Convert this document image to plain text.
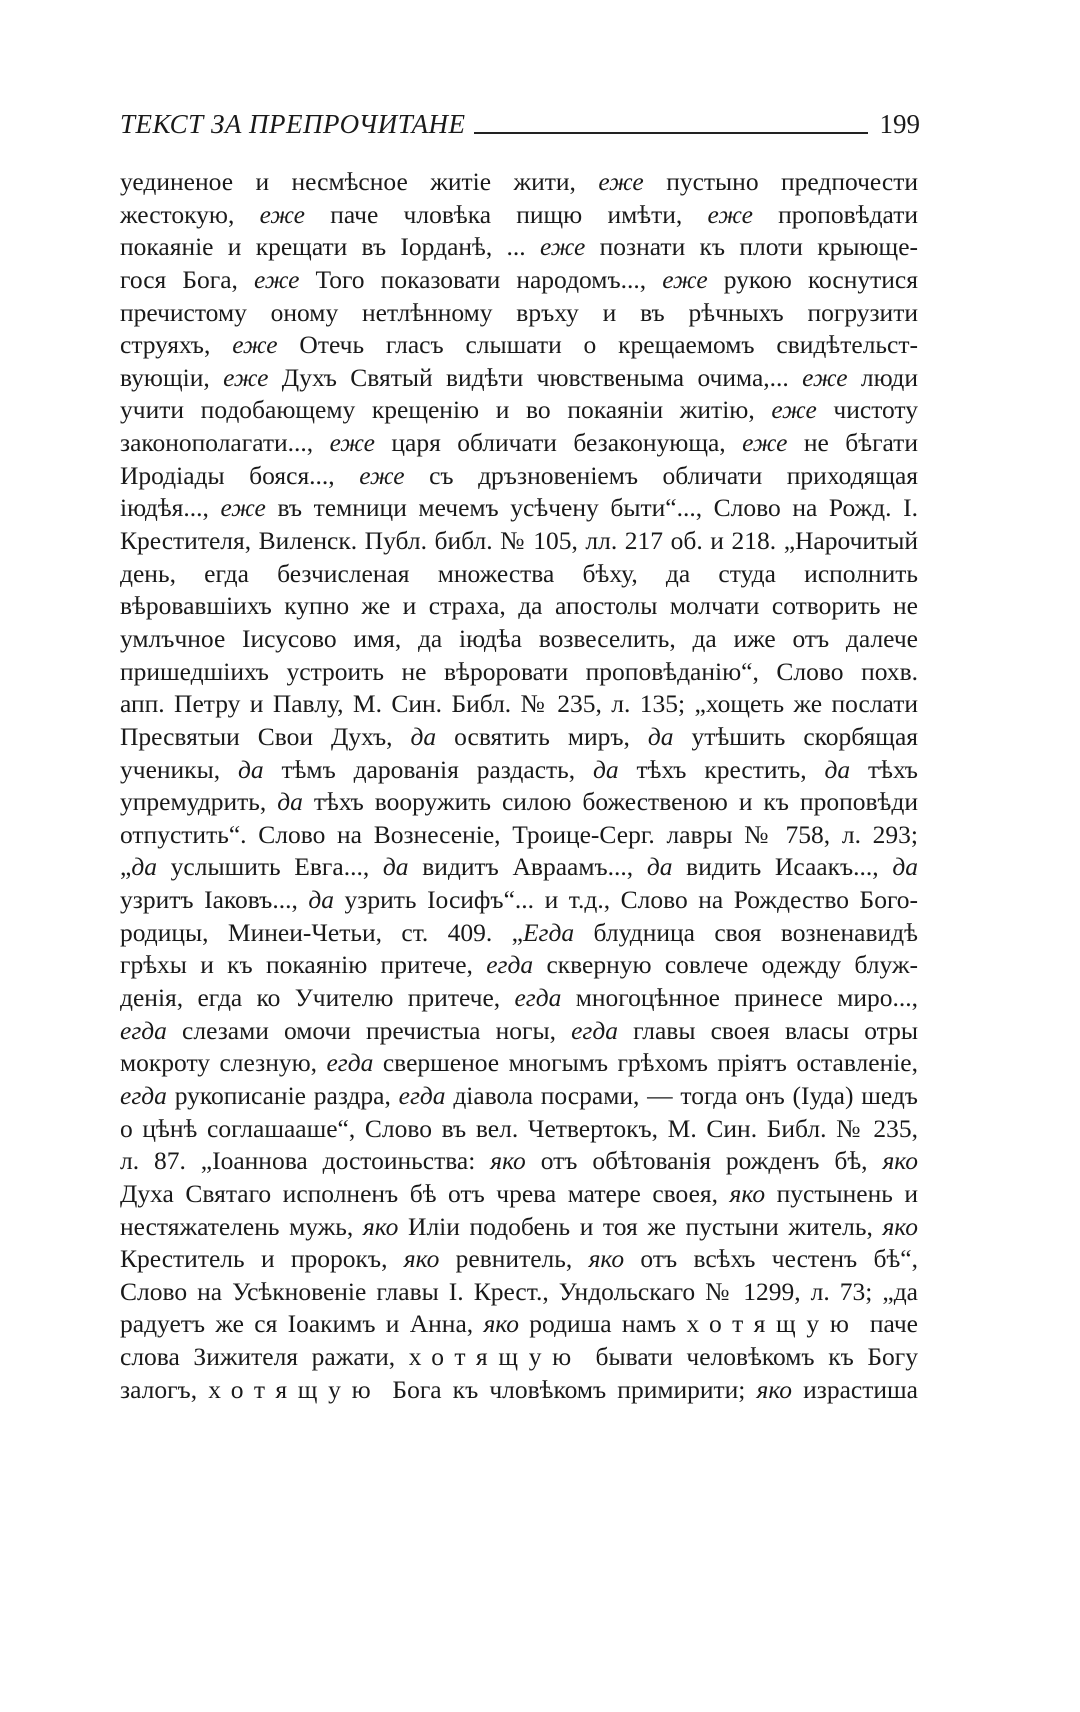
ТЕКСТ ЗА ПРЕПРОЧИТАНЕ	199
уединеное и несмѣсное житіе жити, еже пустыно предпочести
жестокую, еже паче чловѣка пищю имѣти, еже проповѣдати
покаяніе и крещати въ Іорданѣ, ... еже познати къ плоти крыюще-
гося Бога, еже Того показовати народомъ..., еже рукою коснутися
пречистому оному нетлѣнному връху и въ рѣчныхъ погрузити
струяхъ, еже Отечь гласъ слышати о крещаемомъ свидѣтельст-
вующіи, еже Духъ Святый видѣти чювственыма очима,... еже люди
учити подобающему крещенію и во покаяніи житію, еже чистоту
законополагати..., еже царя обличати безаконующа, еже не бѣгати
Иродіады бояся..., еже съ дръзновеніемъ обличати приходящая
іюдѣя..., еже въ темници мечемъ усѣчену быти“..., Слово на Рожд. І.
Крестителя, Виленск. Публ. библ. № 105, лл. 217 об. и 218. „Нарочитый
день, егда безчисленая множества бѣху, да студа исполнить
вѣровавшіихъ купно же и страха, да апостолы молчати сотворить не
умлъчное Іисусово имя, да іюдѣа возвеселить, да иже отъ далече
пришедшіихъ устроить не вѣроровати проповѣданію“, Слово похв.
апп. Петру и Павлу, М. Син. Библ. № 235, л. 135; „хощеть же послати
Пресвятыи Свои Духъ, да освятить миръ, да утѣшить скорбящая
ученикы, да тѣмъ дарованія раздасть, да тѣхъ крестить, да тѣхъ
упремудрить, да тѣхъ вооружить силою божественою и къ проповѣди
отпустить“. Слово на Вознесеніе, Троице-Серг. лавры № 758, л. 293;
„да услышить Евга..., да видитъ Авраамъ..., да видить Исаакъ..., да
узритъ Іаковъ..., да узрить Іосифъ“... и т.д., Слово на Рождество Бого-
родицы, Минеи-Четьи, ст. 409. „Егда блудница своя возненавидѣ
грѣхы и къ покаянію притече, егда скверную совлече одежду блуж-
денія, егда ко Учителю притече, егда многоцѣнное принесе миро...,
егда слезами омочи пречистыа ногы, егда главы своея власы отры
мокроту слезную, егда свершеное многымъ грѣхомъ пріятъ оставленіе,
егда рукописаніе раздра, егда діавола посрами, — тогда онъ (Іуда) шедъ
о цѣнѣ соглашааше“, Слово въ вел. Четвертокъ, М. Син. Библ. № 235,
л. 87. „Іоаннова достоиньства: яко отъ обѣтованія рожденъ бѣ, яко
Духа Святаго исполненъ бѣ отъ чрева матере своея, яко пустынень и
нестяжателень мужь, яко Иліи подобень и тоя же пустыни житель, яко
Креститель и пророкъ, яко ревнитель, яко отъ всѣхъ честенъ бѣ“,
Слово на Усѣкновеніе главы І. Крест., Ундольскаго № 1299, л. 73; „да
радуетъ же ся Іоакимъ и Анна, яко родиша намъ хотящую паче
слова Зижителя ражати, хотящую бывати человѣкомъ къ Богу
залогъ, хотящую Бога къ чловѣкомъ примирити; яко израстиша
